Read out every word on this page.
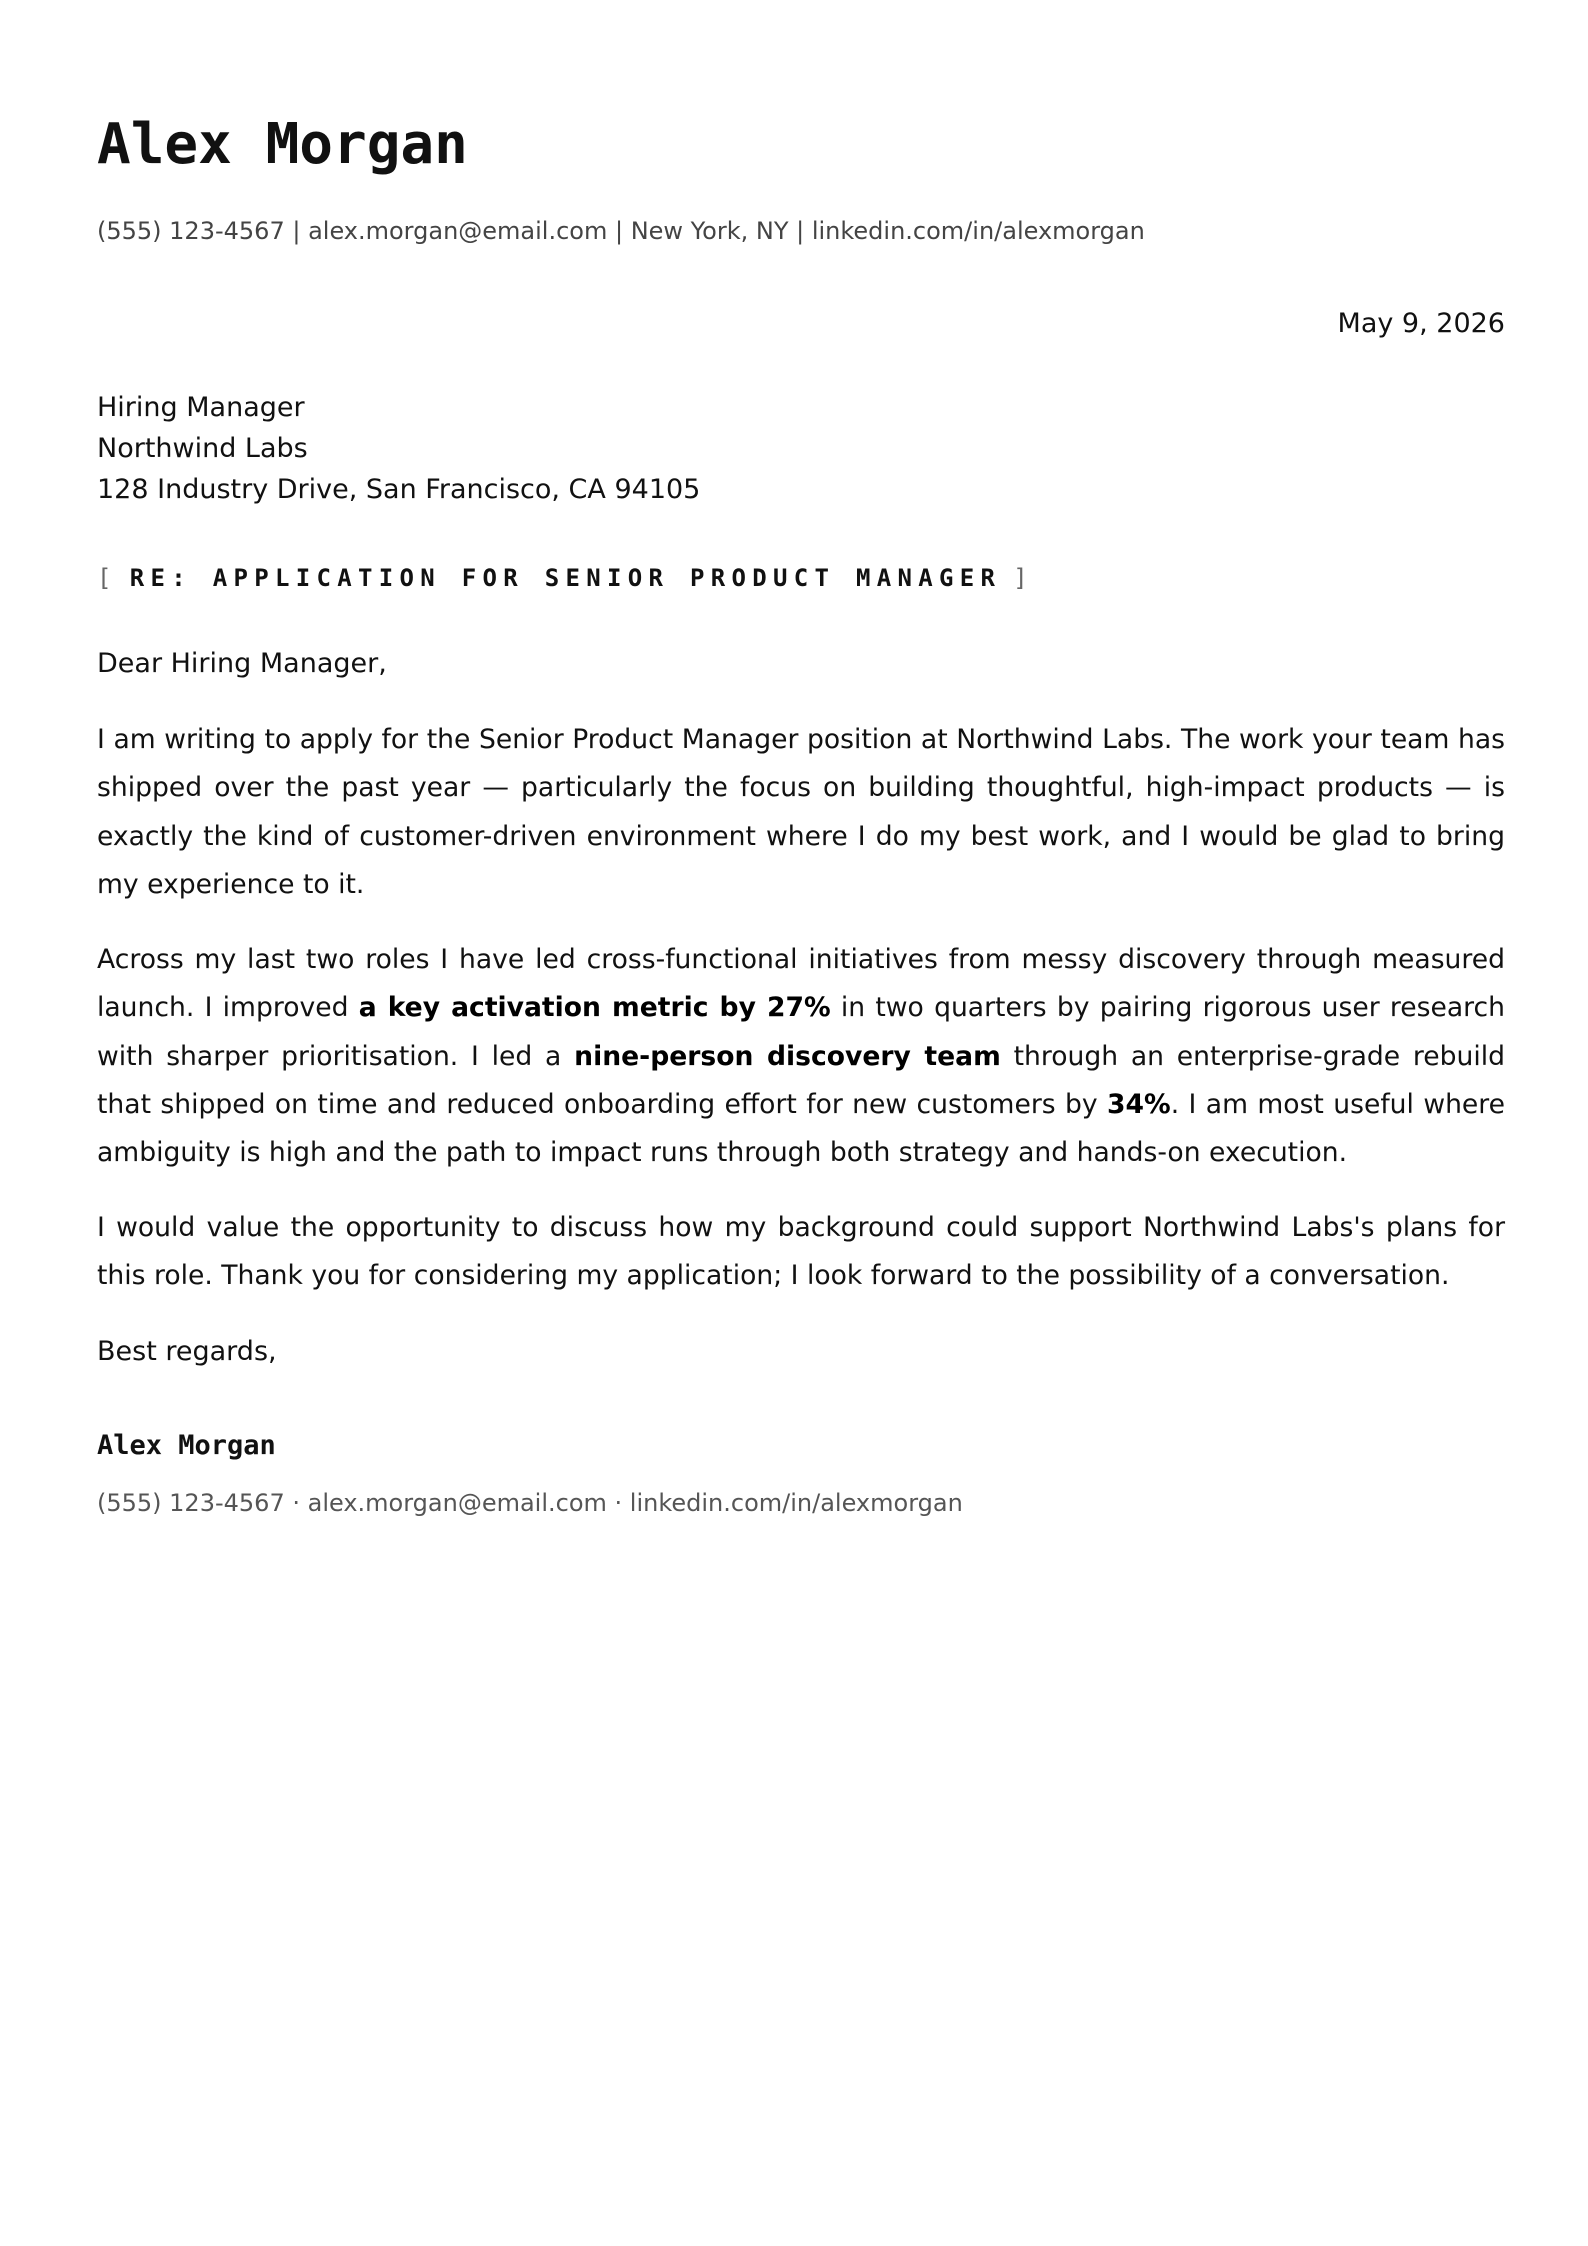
Alex Morgan
(555) 123-4567 | alex.morgan@email.com | New York, NY | linkedin.com/in/alexmorgan
May 9, 2026
Hiring Manager
Northwind Labs
128 Industry Drive, San Francisco, CA 94105
[ RE: APPLICATION FOR SENIOR PRODUCT MANAGER ]
Dear Hiring Manager,

I am writing to apply for the Senior Product Manager position at Northwind Labs. The work your team has shipped over the past year — particularly the focus on building thoughtful, high-impact products — is exactly the kind of customer-driven environment where I do my best work, and I would be glad to bring my experience to it.

Across my last two roles I have led cross-functional initiatives from messy discovery through measured launch. I improved a key activation metric by 27% in two quarters by pairing rigorous user research with sharper prioritisation. I led a nine-person discovery team through an enterprise-grade rebuild that shipped on time and reduced onboarding effort for new customers by 34%. I am most useful where ambiguity is high and the path to impact runs through both strategy and hands-on execution.

I would value the opportunity to discuss how my background could support Northwind Labs's plans for this role. Thank you for considering my application; I look forward to the possibility of a conversation.

Best regards,
Alex Morgan
(555) 123-4567 · alex.morgan@email.com · linkedin.com/in/alexmorgan
